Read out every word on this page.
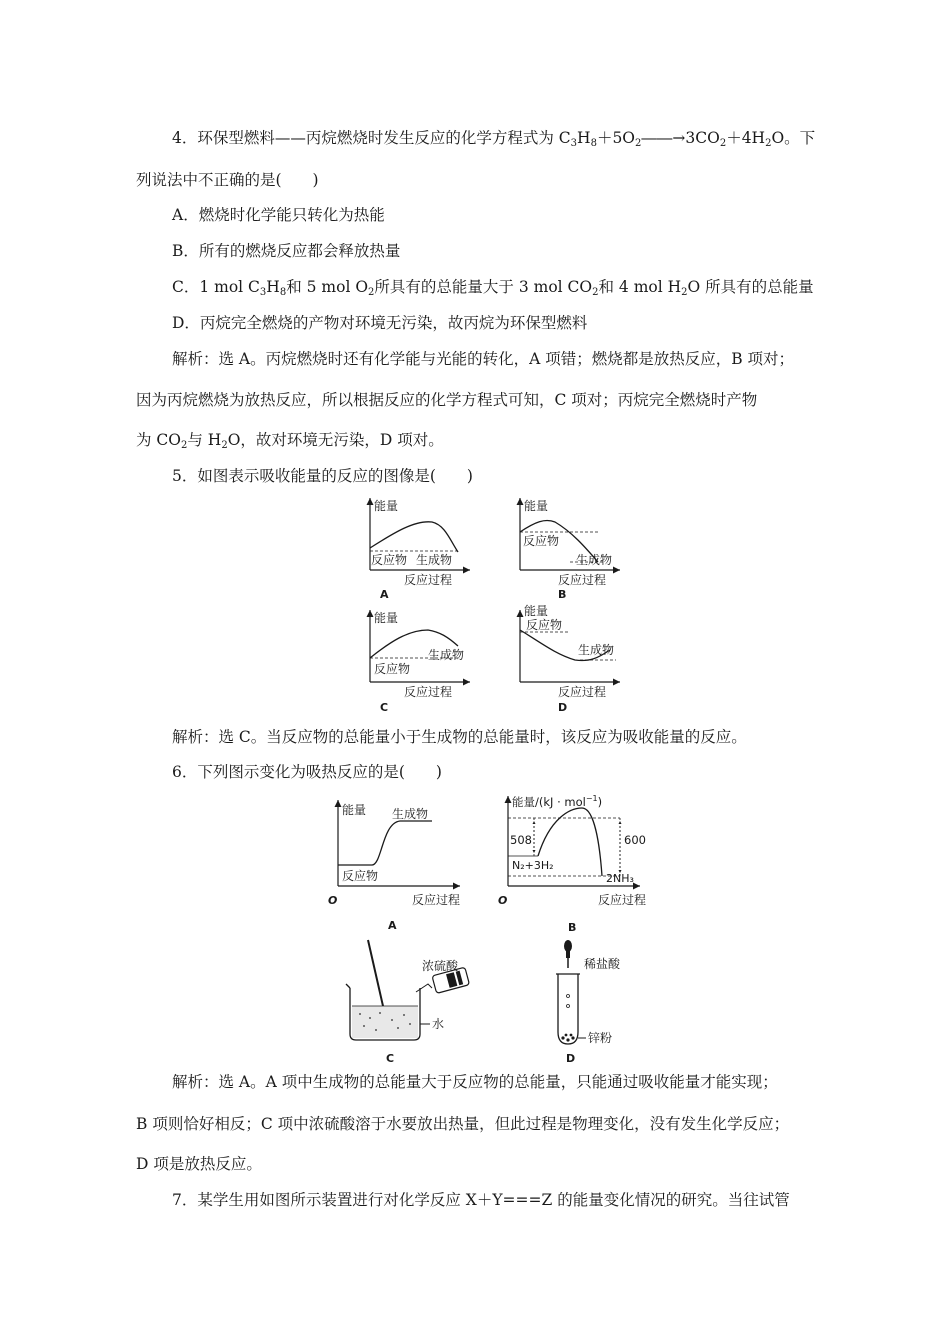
4．环保型燃料——丙烷燃烧时发生反应的化学方程式为 $C_3H_8+5O_2――\to 3CO_2+4H_2O$。下
列说法中不正确的是(　　)
A．燃烧时化学能只转化为热能
B．所有的燃烧反应都会释放热量
C．1 mol $C_3H_8$和 5 mol $O_2$所具有的总能量大于 3 mol $CO_2$和 4 mol $H_2O$ 所具有的总能量
D．丙烷完全燃烧的产物对环境无污染，故丙烷为环保型燃料
解析：选 A。丙烷燃烧时还有化学能与光能的转化，A 项错；燃烧都是放热反应，B 项对；
因为丙烷燃烧为放热反应，所以根据反应的化学方程式可知，C 项对；丙烷完全燃烧时产物
为 $CO_2$与 $H_2O$，故对环境无污染，D 项对。
5．如图表示吸收能量的反应的图像是(　　)
能量
反应物 生成物
反应过程
A
能量
反应物
生成物
反应过程
B
能量
反应物
生成物
反应过程
C
能量
反应物
生成物
反应过程
D
解析：选 C。当反应物的总能量小于生成物的总能量时，该反应为吸收能量的反应。
6．下列图示变化为吸热反应的是(　　)
能量 生成物
反应物
O	反应过程
A
能量/(kJ · mol$^{-1}$)
508	600
N₂+3H₂
2NH₃
O	反应过程
B
浓硫酸
水
C
稀盐酸
锌粉
D
解析：选 A。A 项中生成物的总能量大于反应物的总能量，只能通过吸收能量才能实现；
B 项则恰好相反；C 项中浓硫酸溶于水要放出热量，但此过程是物理变化，没有发生化学反应；
D 项是放热反应。
7．某学生用如图所示装置进行对化学反应 X＋Y===Z 的能量变化情况的研究。当往试管
